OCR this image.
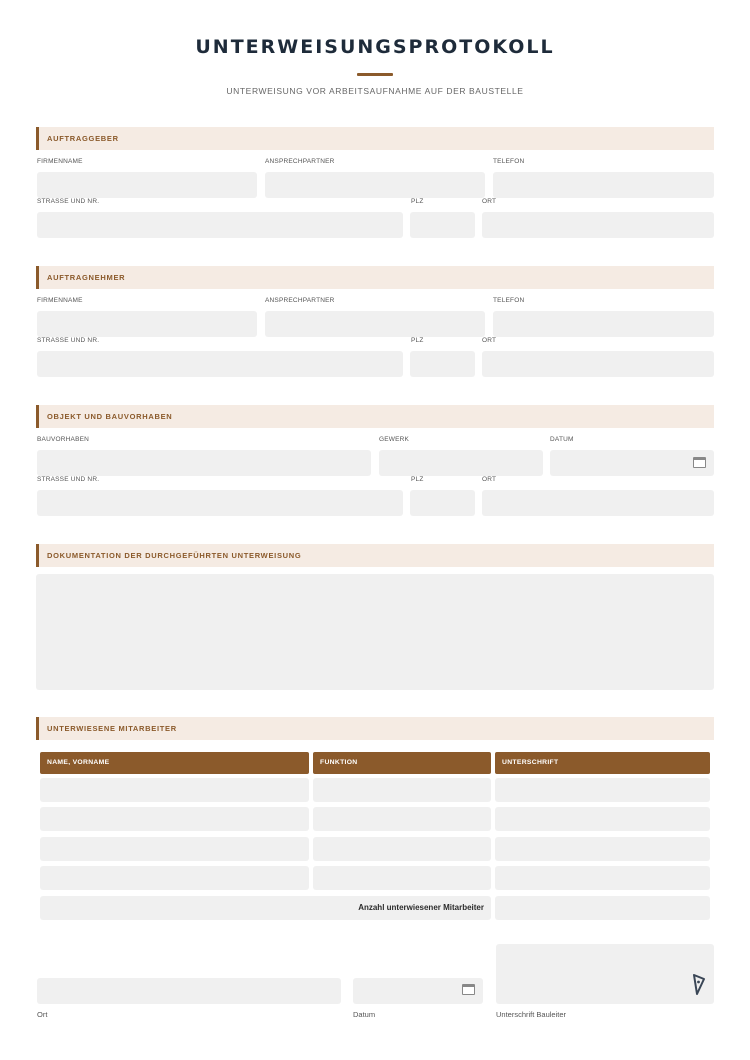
UNTERWEISUNGSPROTOKOLL
UNTERWEISUNG VOR ARBEITSAUFNAHME AUF DER BAUSTELLE
AUFTRAGGEBER
FIRMENNAME	ANSPRECHPARTNER	TELEFON
STRASSE UND NR.	PLZ	ORT
AUFTRAGNEHMER
FIRMENNAME	ANSPRECHPARTNER	TELEFON
STRASSE UND NR.	PLZ	ORT
OBJEKT UND BAUVORHABEN
BAUVORHABEN	GEWERK	DATUM
STRASSE UND NR.	PLZ	ORT
DOKUMENTATION DER DURCHGEFÜHRTEN UNTERWEISUNG
UNTERWIESENE MITARBEITER
NAME, VORNAME	FUNKTION	UNTERSCHRIFT
Anzahl unterwiesener Mitarbeiter
Ort	Datum	Unterschrift Bauleiter
